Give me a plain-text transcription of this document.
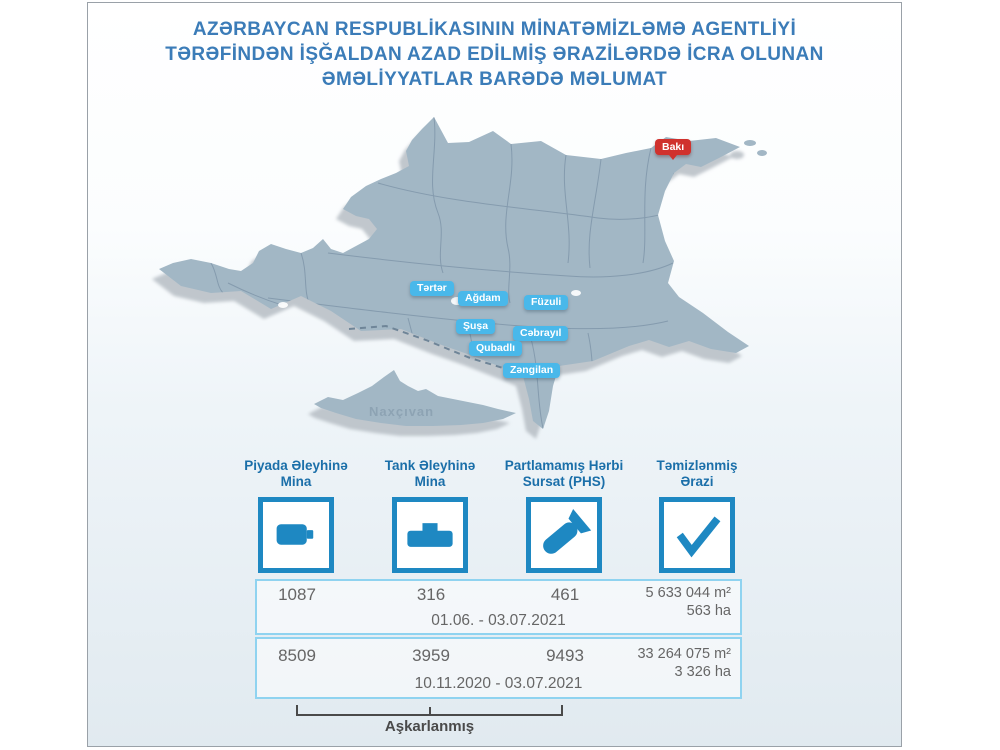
AZƏRBAYCAN RESPUBLİKASININ MİNATƏMİZLƏMƏ AGENTLİYİ
TƏRƏFİNDƏN İŞĞALDAN AZAD EDİLMİŞ ƏRAZİLƏRDƏ İCRA OLUNAN
ƏMƏLİYYATLAR BARƏDƏ MƏLUMAT
Naxçıvan
Bakı
Tərtər
Ağdam	Füzuli
Şuşa
Cəbrayıl
Qubadlı
Zəngilan
Piyada Əleyhinə
Mina
Tank Əleyhinə
Mina
Partlamamış Hərbi
Sursat (PHS)
Təmizlənmiş
Ərazi
1087	316	461	5 633 044 m²
563 ha
01.06. - 03.07.2021
8509	3959	9493	33 264 075 m²
3 326 ha
10.11.2020 - 03.07.2021
Aşkarlanmış
